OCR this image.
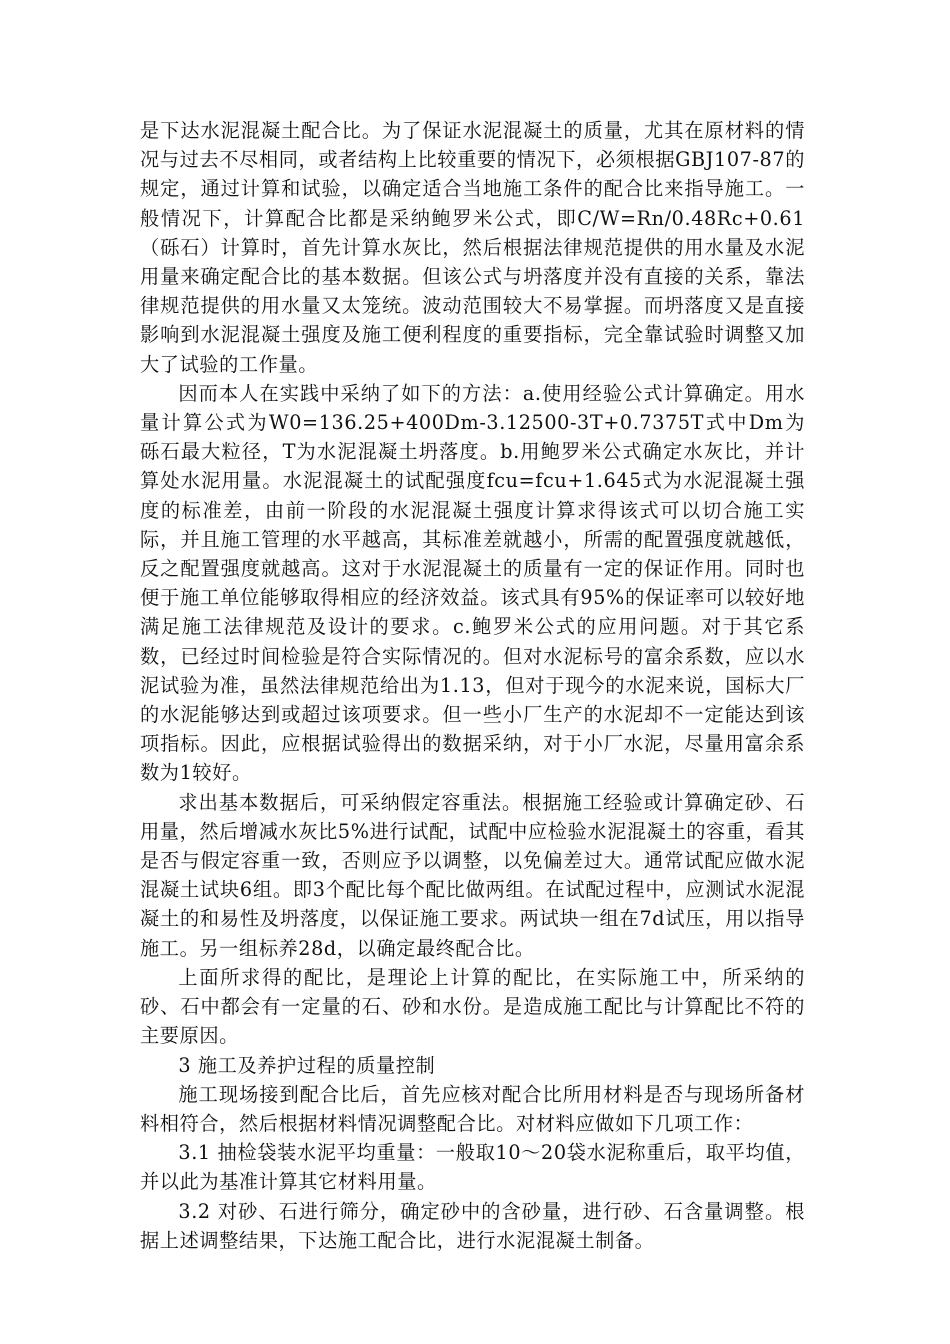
是下达水泥混凝土配合比。为了保证水泥混凝土的质量，尤其在原材料的情况与过去不尽相同，或者结构上比较重要的情况下，必须根据GBJ107-87的规定，通过计算和试验，以确定适合当地施工条件的配合比来指导施工。一般情况下，计算配合比都是采纳鲍罗米公式，即C/W=Rn/0.48Rc+0.61（砾石）计算时，首先计算水灰比，然后根据法律规范提供的用水量及水泥用量来确定配合比的基本数据。但该公式与坍落度并没有直接的关系，靠法律规范提供的用水量又太笼统。波动范围较大不易掌握。而坍落度又是直接影响到水泥混凝土强度及施工便利程度的重要指标，完全靠试验时调整又加大了试验的工作量。

因而本人在实践中采纳了如下的方法：a.使用经验公式计算确定。用水量计算公式为W0=136.25+400Dm-3.12500-3T+0.7375T式中Dm为砾石最大粒径，T为水泥混凝土坍落度。b.用鲍罗米公式确定水灰比，并计算处水泥用量。水泥混凝土的试配强度fcu=fcu+1.645式为水泥混凝土强度的标准差，由前一阶段的水泥混凝土强度计算求得该式可以切合施工实际，并且施工管理的水平越高，其标准差就越小，所需的配置强度就越低，反之配置强度就越高。这对于水泥混凝土的质量有一定的保证作用。同时也便于施工单位能够取得相应的经济效益。该式具有95%的保证率可以较好地满足施工法律规范及设计的要求。c.鲍罗米公式的应用问题。对于其它系数，已经过时间检验是符合实际情况的。但对水泥标号的富余系数，应以水泥试验为准，虽然法律规范给出为1.13，但对于现今的水泥来说，国标大厂的水泥能够达到或超过该项要求。但一些小厂生产的水泥却不一定能达到该项指标。因此，应根据试验得出的数据采纳，对于小厂水泥，尽量用富余系数为1较好。

求出基本数据后，可采纳假定容重法。根据施工经验或计算确定砂、石用量，然后增减水灰比5%进行试配，试配中应检验水泥混凝土的容重，看其是否与假定容重一致，否则应予以调整，以免偏差过大。通常试配应做水泥混凝土试块6组。即3个配比每个配比做两组。在试配过程中，应测试水泥混凝土的和易性及坍落度，以保证施工要求。两试块一组在7d试压，用以指导施工。另一组标养28d，以确定最终配合比。

上面所求得的配比，是理论上计算的配比，在实际施工中，所采纳的砂、石中都会有一定量的石、砂和水份。是造成施工配比与计算配比不符的主要原因。

3 施工及养护过程的质量控制

施工现场接到配合比后，首先应核对配合比所用材料是否与现场所备材料相符合，然后根据材料情况调整配合比。对材料应做如下几项工作：

3.1 抽检袋装水泥平均重量：一般取10～20袋水泥称重后，取平均值，并以此为基准计算其它材料用量。

3.2 对砂、石进行筛分，确定砂中的含砂量，进行砂、石含量调整。根据上述调整结果，下达施工配合比，进行水泥混凝土制备。
